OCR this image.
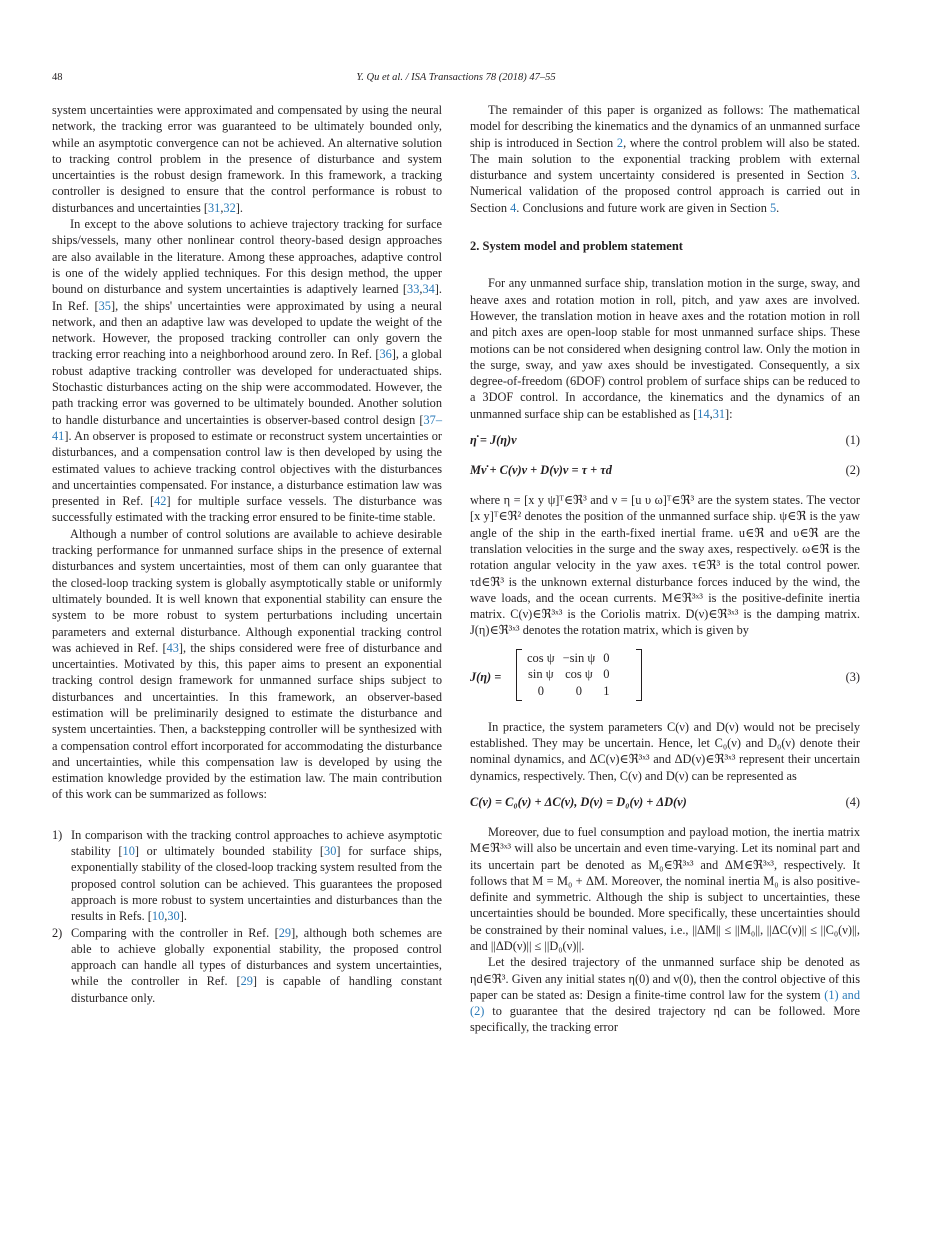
48	Y. Qu et al. / ISA Transactions 78 (2018) 47–55

system uncertainties were approximated and compensated by using the neural network, the tracking error was guaranteed to be ultimately bounded only, while an asymptotic convergence can not be achieved. An alternative solution to tracking control problem in the presence of disturbance and system uncertainties is the robust design framework. In this framework, a tracking controller is designed to ensure that the control performance is robust to disturbances and uncertainties [31,32].

In except to the above solutions to achieve trajectory tracking for surface ships/vessels, many other nonlinear control theory-based design approaches are also available in the literature. Among these approaches, adaptive control is one of the widely applied techniques. For this design method, the upper bound on disturbance and system uncertainties is adaptively learned [33,34]. In Ref. [35], the ships' uncertainties were approximated by using a neural network, and then an adaptive law was developed to update the weight of the network. However, the proposed tracking controller can only govern the tracking error reaching into a neighborhood around zero. In Ref. [36], a global robust adaptive tracking controller was developed for underactuated ships. Stochastic disturbances acting on the ship were accommodated. However, the path tracking error was governed to be ultimately bounded. Another solution to handle disturbance and uncertainties is observer-based control design [37–41]. An observer is proposed to estimate or reconstruct system uncertainties or disturbances, and a compensation control law is then developed by using the estimated values to achieve tracking control objectives with the disturbances and uncertainties compensated. For instance, a disturbance estimation law was presented in Ref. [42] for multiple surface vessels. The disturbance was successfully estimated with the tracking error ensured to be finite-time stable.

Although a number of control solutions are available to achieve desirable tracking performance for unmanned surface ships in the presence of external disturbances and system uncertainties, most of them can only guarantee that the closed-loop tracking system is globally asymptotically stable or uniformly ultimately bounded. It is well known that exponential stability can ensure the system to be more robust to system perturbations including uncertain parameters and external disturbance. Although exponential tracking control was achieved in Ref. [43], the ships considered were free of disturbance and uncertainties. Motivated by this, this paper aims to present an exponential tracking control design framework for unmanned surface ships subject to disturbances and uncertainties. In this framework, an observer-based estimation will be preliminarily designed to estimate the disturbance and system uncertainties. Then, a backstepping controller will be synthesized with a compensation control effort incorporated for accommodating the disturbance and uncertainties, while this compensation law is developed by using the estimation knowledge provided by the estimation law. The main contribution of this work can be summarized as follows:

1) In comparison with the tracking control approaches to achieve asymptotic stability [10] or ultimately bounded stability [30] for surface ships, exponentially stability of the closed-loop tracking system resulted from the proposed control solution can be achieved. This guarantees the proposed approach is more robust to system uncertainties and disturbances than the results in Refs. [10,30].
2) Comparing with the controller in Ref. [29], although both schemes are able to achieve globally exponential stability, the proposed control approach can handle all types of disturbances and system uncertainties, while the controller in Ref. [29] is capable of handling constant disturbance only.

The remainder of this paper is organized as follows: The mathematical model for describing the kinematics and the dynamics of an unmanned surface ship is introduced in Section 2, where the control problem will also be stated. The main solution to the exponential tracking problem with external disturbance and system uncertainty considered is presented in Section 3. Numerical validation of the proposed control approach is carried out in Section 4. Conclusions and future work are given in Section 5.

2. System model and problem statement

For any unmanned surface ship, translation motion in the surge, sway, and heave axes and rotation motion in roll, pitch, and yaw axes are involved. However, the translation motion in heave axes and the rotation motion in roll and pitch axes are open-loop stable for most unmanned surface ships. These motions can be not considered when designing control law. Only the motion in the surge, sway, and yaw axes should be investigated. Consequently, a six degree-of-freedom (6DOF) control problem of surface ships can be reduced to a 3DOF control. In accordance, the kinematics and the dynamics of an unmanned surface ship can be established as [14,31]:

η̇ = J(η)ν	(1)
Mν̇ + C(ν)ν + D(ν)ν = τ + τd	(2)

where η = [x y ψ]ᵀ∈ℜ³ and ν = [u υ ω]ᵀ∈ℜ³ are the system states. The vector [x y]ᵀ∈ℜ² denotes the position of the unmanned surface ship. ψ∈ℜ is the yaw angle of the ship in the earth-fixed inertial frame. u∈ℜ and υ∈ℜ are the translation velocities in the surge and the sway axes, respectively. ω∈ℜ is the rotation angular velocity in the yaw axes. τ∈ℜ³ is the total control power. τd∈ℜ³ is the unknown external disturbance forces induced by the wind, the wave loads, and the ocean currents. M∈ℜ³ˣ³ is the positive-definite inertia matrix. C(ν)∈ℜ³ˣ³ is the Coriolis matrix. D(ν)∈ℜ³ˣ³ is the damping matrix. J(η)∈ℜ³ˣ³ denotes the rotation matrix, which is given by

J(η) =
cos ψ	−sin ψ	0
sin ψ	cos ψ	0
0	0	1
(3)

In practice, the system parameters C(ν) and D(ν) would not be precisely established. They may be uncertain. Hence, let C₀(ν) and D₀(ν) denote their nominal dynamics, and ΔC(ν)∈ℜ³ˣ³ and ΔD(ν)∈ℜ³ˣ³ represent their uncertain dynamics, respectively. Then, C(ν) and D(ν) can be represented as

C(ν) = C₀(ν) + ΔC(ν), D(ν) = D₀(ν) + ΔD(ν)	(4)

Moreover, due to fuel consumption and payload motion, the inertia matrix M∈ℜ³ˣ³ will also be uncertain and even time-varying. Let its nominal part and its uncertain part be denoted as M₀∈ℜ³ˣ³ and ΔM∈ℜ³ˣ³, respectively. It follows that M = M₀ + ΔM. Moreover, the nominal inertia M₀ is also positive-definite and symmetric. Although the ship is subject to uncertainties, these uncertainties should be bounded. More specifically, these uncertainties should be constrained by their nominal values, i.e., ||ΔM|| ≤ ||M₀||, ||ΔC(ν)|| ≤ ||C₀(ν)||, and ||ΔD(ν)|| ≤ ||D₀(ν)||.

Let the desired trajectory of the unmanned surface ship be denoted as ηd∈ℜ³. Given any initial states η(0) and ν(0), then the control objective of this paper can be stated as: Design a finite-time control law for the system (1) and (2) to guarantee that the desired trajectory ηd can be followed. More specifically, the tracking error
